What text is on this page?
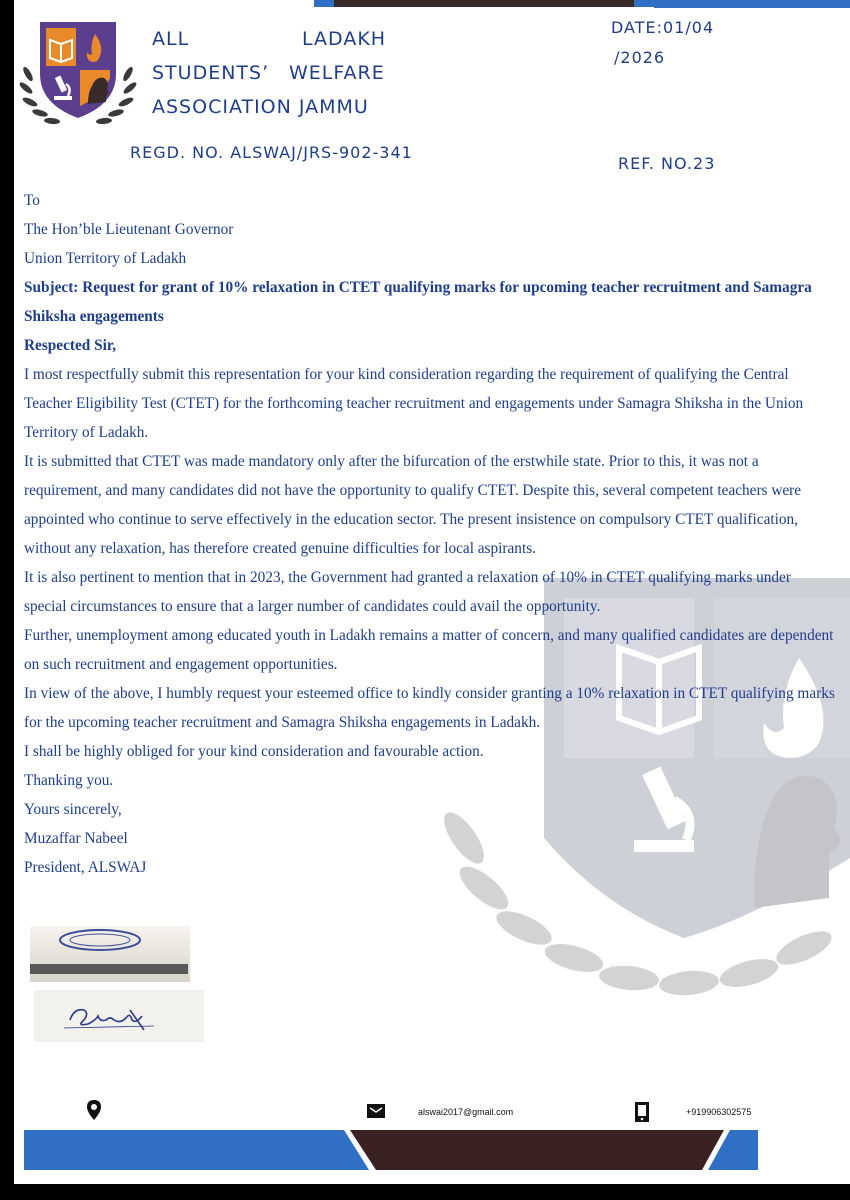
ALL	LADAKH
STUDENTS’ WELFARE
ASSOCIATION JAMMU
REGD. NO. ALSWAJ/JRS-902-341
DATE:01/04
/2026
REF. NO.23

To

The Hon’ble Lieutenant Governor

Union Territory of Ladakh

Subject: Request for grant of 10% relaxation in CTET qualifying marks for upcoming teacher recruitment and Samagra Shiksha engagements

Respected Sir,

I most respectfully submit this representation for your kind consideration regarding the requirement of qualifying the Central Teacher Eligibility Test (CTET) for the forthcoming teacher recruitment and engagements under Samagra Shiksha in the Union Territory of Ladakh.

It is submitted that CTET was made mandatory only after the bifurcation of the erstwhile state. Prior to this, it was not a requirement, and many candidates did not have the opportunity to qualify CTET. Despite this, several competent teachers were appointed who continue to serve effectively in the education sector. The present insistence on compulsory CTET qualification, without any relaxation, has therefore created genuine difficulties for local aspirants.

It is also pertinent to mention that in 2023, the Government had granted a relaxation of 10% in CTET qualifying marks under special circumstances to ensure that a larger number of candidates could avail the opportunity.

Further, unemployment among educated youth in Ladakh remains a matter of concern, and many qualified candidates are dependent on such recruitment and engagement opportunities.

In view of the above, I humbly request your esteemed office to kindly consider granting a 10% relaxation in CTET qualifying marks for the upcoming teacher recruitment and Samagra Shiksha engagements in Ladakh.

I shall be highly obliged for your kind consideration and favourable action.

Thanking you.

Yours sincerely,

Muzaffar Nabeel

President, ALSWAJ

alswai2017@gmail.com	+919906302575
